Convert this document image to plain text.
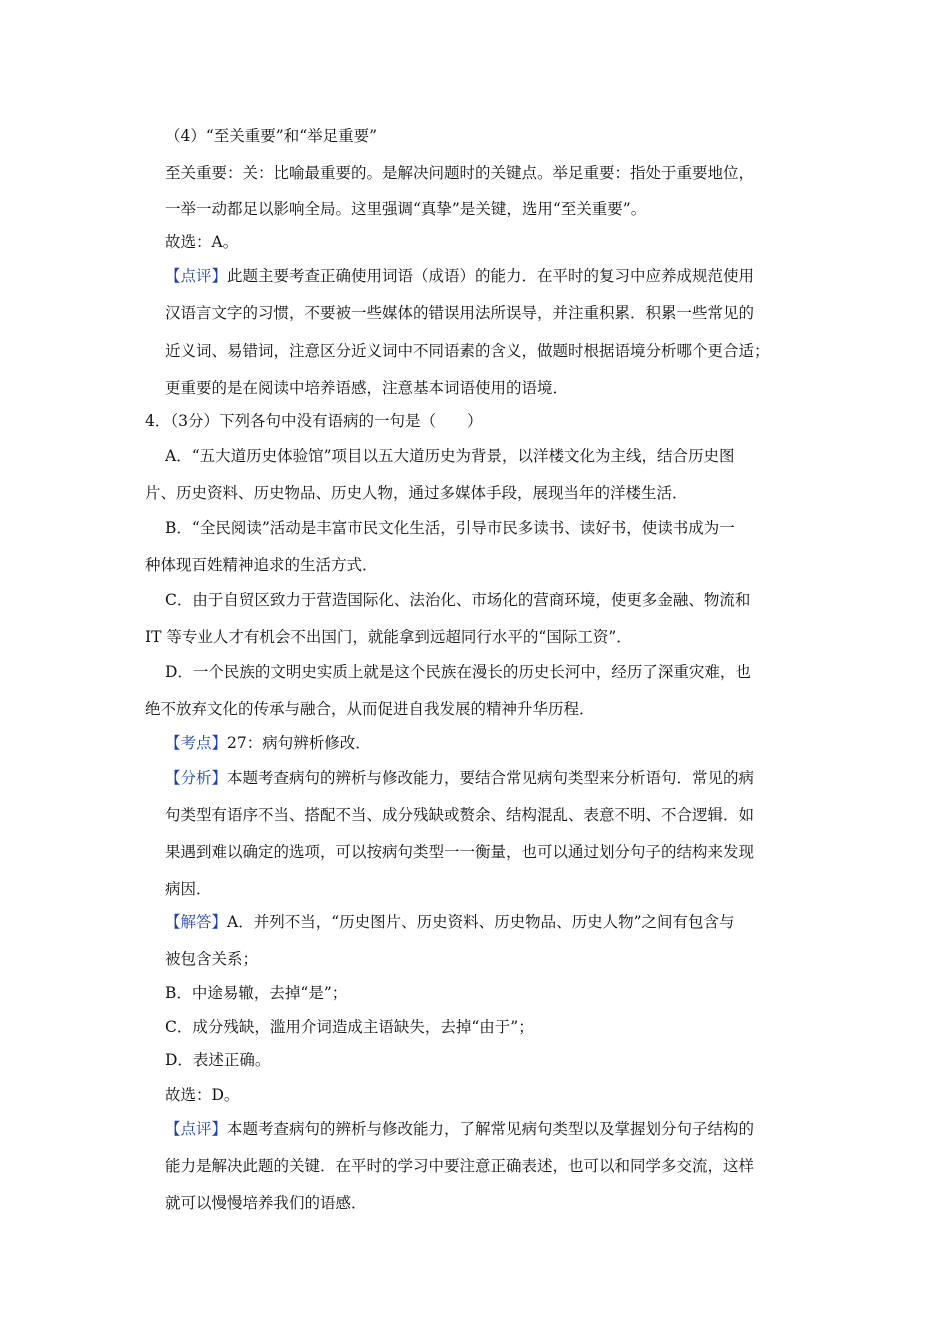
（4）“至关重要”和“举足重要”
至关重要：关：比喻最重要的。是解决问题时的关键点。举足重要：指处于重要地位，
一举一动都足以影响全局。这里强调“真挚”是关键，选用“至关重要”。
故选：A。
【点评】此题主要考查正确使用词语（成语）的能力．在平时的复习中应养成规范使用
汉语言文字的习惯，不要被一些媒体的错误用法所误导，并注重积累．积累一些常见的
近义词、易错词，注意区分近义词中不同语素的含义，做题时根据语境分析哪个更合适；
更重要的是在阅读中培养语感，注意基本词语使用的语境．
4．（3分）下列各句中没有语病的一句是（　　）
A．“五大道历史体验馆”项目以五大道历史为背景，以洋楼文化为主线，结合历史图
片、历史资料、历史物品、历史人物，通过多媒体手段，展现当年的洋楼生活．
B．“全民阅读”活动是丰富市民文化生活，引导市民多读书、读好书，使读书成为一
种体现百姓精神追求的生活方式．
C．由于自贸区致力于营造国际化、法治化、市场化的营商环境，使更多金融、物流和
IT 等专业人才有机会不出国门，就能拿到远超同行水平的“国际工资”．
D．一个民族的文明史实质上就是这个民族在漫长的历史长河中，经历了深重灾难，也
绝不放弃文化的传承与融合，从而促进自我发展的精神升华历程．
【考点】27：病句辨析修改．
【分析】本题考查病句的辨析与修改能力，要结合常见病句类型来分析语句．常见的病
句类型有语序不当、搭配不当、成分残缺或赘余、结构混乱、表意不明、不合逻辑．如
果遇到难以确定的选项，可以按病句类型一一衡量，也可以通过划分句子的结构来发现
病因．
【解答】A．并列不当，“历史图片、历史资料、历史物品、历史人物”之间有包含与
被包含关系；
B．中途易辙，去掉“是”；
C．成分残缺，滥用介词造成主语缺失，去掉“由于”；
D．表述正确。
故选：D。
【点评】本题考查病句的辨析与修改能力，了解常见病句类型以及掌握划分句子结构的
能力是解决此题的关键．在平时的学习中要注意正确表述，也可以和同学多交流，这样
就可以慢慢培养我们的语感．
